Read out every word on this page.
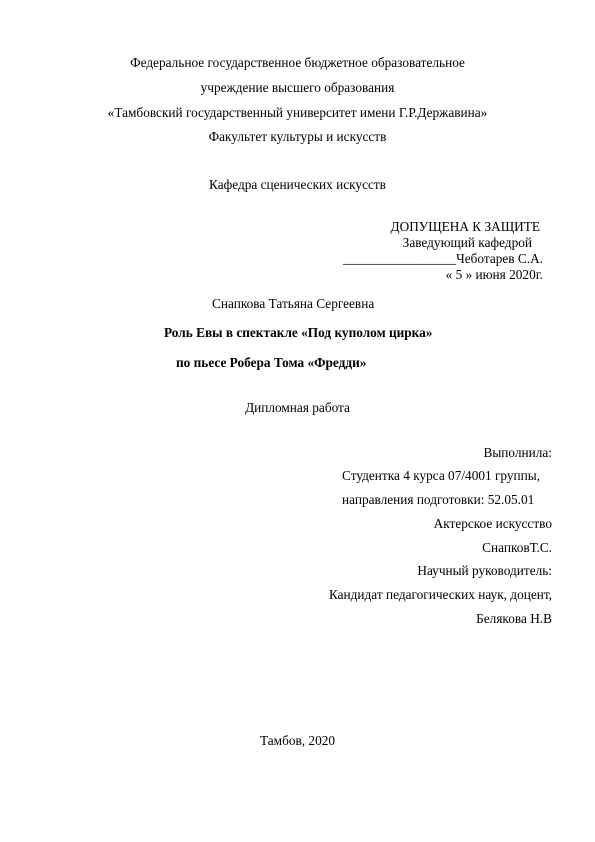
Федеральное государственное бюджетное образовательное
учреждение высшего образования
«Тамбовский государственный университет имени Г.Р.Державина»
Факультет культуры и искусств
Кафедра сценических искусств
ДОПУЩЕНА К ЗАЩИТЕ
Заведующий кафедрой
_________________Чеботарев С.А.
« 5 » июня 2020г.
Снапкова Татьяна Сергеевна
Роль Евы в спектакле «Под куполом цирка»
по пьесе Робера Тома «Фредди»
Дипломная работа
Выполнила:
Студентка 4 курса 07/4001 группы,
направления подготовки: 52.05.01
Актерское искусство
СнапковТ.С.
Научный руководитель:
Кандидат педагогических наук, доцент,
Белякова Н.В
Тамбов, 2020
